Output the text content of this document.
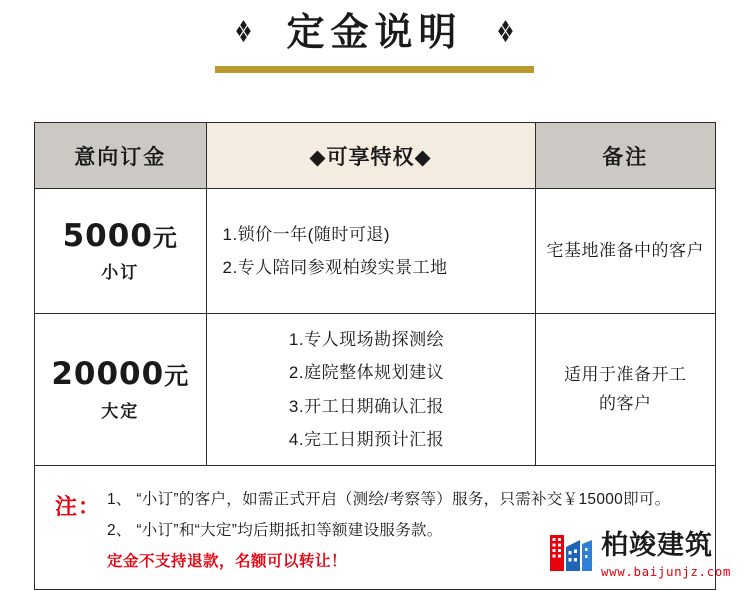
❖ 定金说明 ❖
意向订金	◆可享特权◆	备注
5000元
小订
1.锁价一年(随时可退)
2.专人陪同参观柏竣实景工地
宅基地准备中的客户
20000元
大定
1.专人现场勘探测绘
2.庭院整体规划建议
3.开工日期确认汇报
4.完工日期预计汇报
适用于准备开工
的客户
注： 1、 “小订”的客户，如需正式开启（测绘/考察等）服务，只需补交￥15000即可。
2、 “小订”和“大定”均后期抵扣等额建设服务款。
定金不支持退款，名额可以转让！
柏竣建筑
www.baijunjz.com
